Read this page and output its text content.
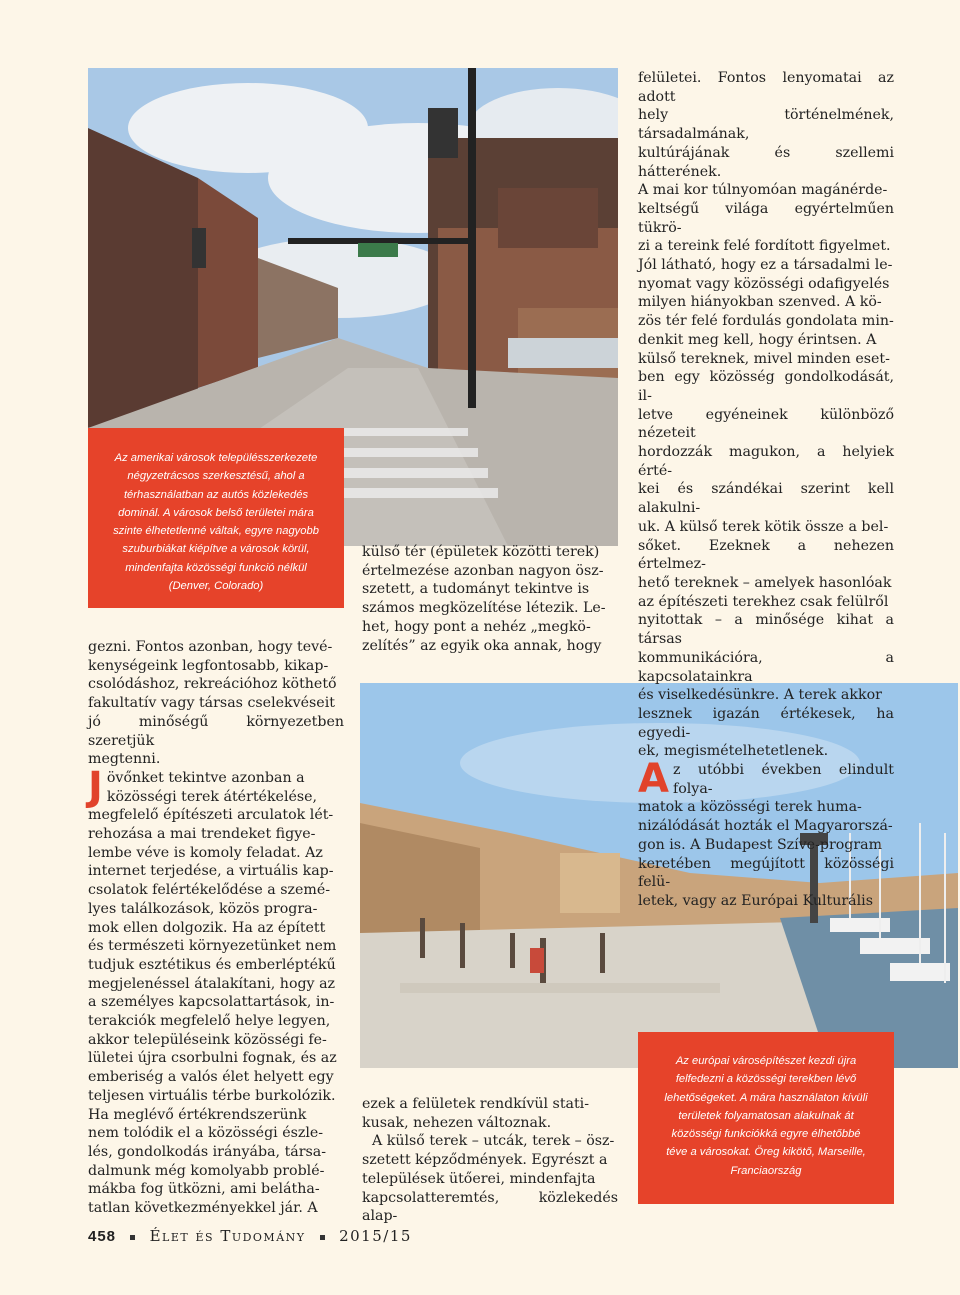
Az amerikai városok településszerkezete
négyzetrácsos szerkesztésű, ahol a
térhasználatban az autós közlekedés
dominál. A városok belső területei mára
szinte élhetetlenné váltak, egyre nagyobb
szuburbiákat kiépítve a városok körül,
mindenfajta közösségi funkció nélkül
(Denver, Colorado)
Az európai városépítészet kezdi újra
felfedezni a közösségi terekben lévő
lehetőségeket. A mára használaton kívüli
területek folyamatosan alakulnak át
közösségi funkciókká egyre élhetőbbé
téve a városokat. Öreg kikötő, Marseille,
Franciaország
gezni. Fontos azonban, hogy tevé-
kenységeink legfontosabb, kikap-
csolódáshoz, rekreációhoz köthető
fakultatív vagy társas cselekvéseit
jó minőségű környezetben szeretjük
megtenni.
J övőnket tekintve azonban a
közösségi terek átértékelése,
megfelelő építészeti arculatok lét-
rehozása a mai trendeket figye-
lembe véve is komoly feladat. Az
internet terjedése, a virtuális kap-
csolatok felértékelődése a szemé-
lyes találkozások, közös progra-
mok ellen dolgozik. Ha az épített
és természeti környezetünket nem
tudjuk esztétikus és emberléptékű
megjelenéssel átalakítani, hogy az
a személyes kapcsolattartások, in-
terakciók megfelelő helye legyen,
akkor településeink közösségi fe-
lületei újra csorbulni fognak, és az
emberiség a valós élet helyett egy
teljesen virtuális térbe burkolózik.
Ha meglévő értékrendszerünk
nem tolódik el a közösségi észle-
lés, gondolkodás irányába, társa-
dalmunk még komolyabb problé-
mákba fog ütközni, ami belátha-
tatlan következményekkel jár. A
külső tér (épületek közötti terek)
értelmezése azonban nagyon ösz-
szetett, a tudományt tekintve is
számos megközelítése létezik. Le-
het, hogy pont a nehéz „megkö-
zelítés” az egyik oka annak, hogy
ezek a felületek rendkívül stati-
kusak, nehezen változnak.
A külső terek – utcák, terek – ösz-
szetett képződmények. Egyrészt a
települések ütőerei, mindenfajta
kapcsolatteremtés, közlekedés alap-
felületei. Fontos lenyomatai az adott
hely történelmének, társadalmának,
kultúrájának és szellemi hátterének.
A mai kor túlnyomóan magánérde-
keltségű világa egyértelműen tükrö-
zi a tereink felé fordított figyelmet.
Jól látható, hogy ez a társadalmi le-
nyomat vagy közösségi odafigyelés
milyen hiányokban szenved. A kö-
zös tér felé fordulás gondolata min-
denkit meg kell, hogy érintsen. A
külső tereknek, mivel minden eset-
ben egy közösség gondolkodását, il-
letve egyéneinek különböző nézeteit
hordozzák magukon, a helyiek érté-
kei és szándékai szerint kell alakulni-
uk. A külső terek kötik össze a bel-
sőket. Ezeknek a nehezen értelmez-
hető tereknek – amelyek hasonlóak
az építészeti terekhez csak felülről
nyitottak – a minősége kihat a társas
kommunikációra, a kapcsolatainkra
és viselkedésünkre. A terek akkor
lesznek igazán értékesek, ha egyedi-
ek, megismételhetetlenek.
A z utóbbi években elindult folya-
matok a közösségi terek huma-
nizálódását hozták el Magyarorszá-
gon is. A Budapest Szíve-program
keretében megújított közösségi felü-
letek, vagy az Európai Kulturális
458 Élet és Tudomány 2015/15
